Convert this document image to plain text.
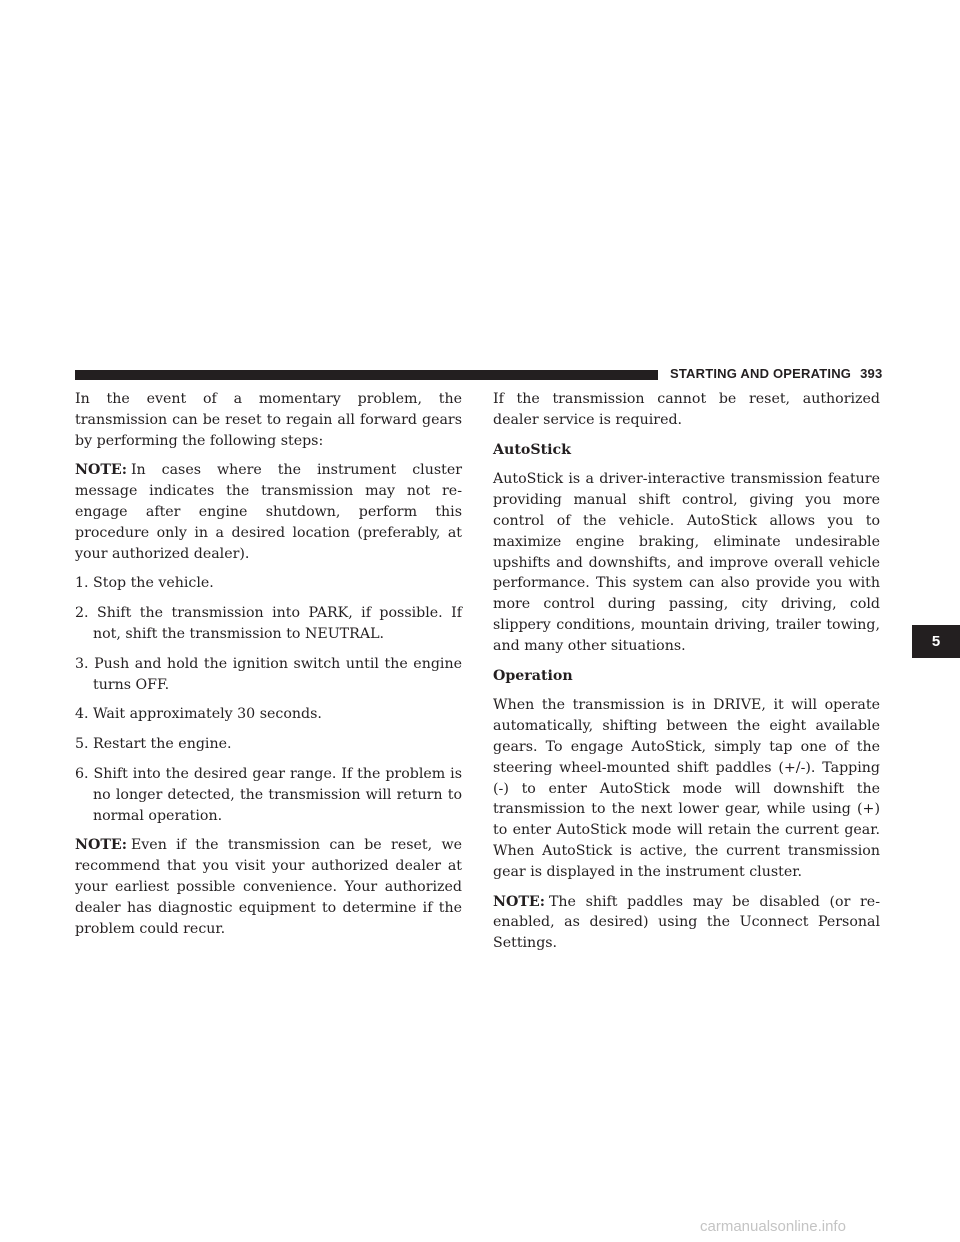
STARTING AND OPERATING 393

In the event of a momentary problem, the transmission can be reset to regain all forward gears by performing the following steps:

NOTE: In cases where the instrument cluster message indicates the transmission may not re-engage after engine shutdown, perform this procedure only in a desired location (preferably, at your authorized dealer).

1. Stop the vehicle.

2. Shift the transmission into PARK, if possible. If not, shift the transmission to NEUTRAL.

3. Push and hold the ignition switch until the engine turns OFF.

4. Wait approximately 30 seconds.

5. Restart the engine.

6. Shift into the desired gear range. If the problem is no longer detected, the transmission will return to normal operation.

NOTE: Even if the transmission can be reset, we recommend that you visit your authorized dealer at your earliest possible convenience. Your authorized dealer has diagnostic equipment to determine if the problem could recur.

If the transmission cannot be reset, authorized dealer service is required.

AutoStick

AutoStick is a driver-interactive transmission feature providing manual shift control, giving you more control of the vehicle. AutoStick allows you to maximize engine braking, eliminate undesirable upshifts and downshifts, and improve overall vehicle performance. This system can also provide you with more control during passing, city driving, cold slippery conditions, mountain driving, trailer towing, and many other situations.

Operation

When the transmission is in DRIVE, it will operate automatically, shifting between the eight available gears. To engage AutoStick, simply tap one of the steering wheel-mounted shift paddles (+/-). Tapping (-) to enter AutoStick mode will downshift the transmission to the next lower gear, while using (+) to enter AutoStick mode will retain the current gear. When AutoStick is active, the current transmission gear is displayed in the instrument cluster.

NOTE: The shift paddles may be disabled (or re-enabled, as desired) using the Uconnect Personal Settings.

5
carmanualsonline.info
